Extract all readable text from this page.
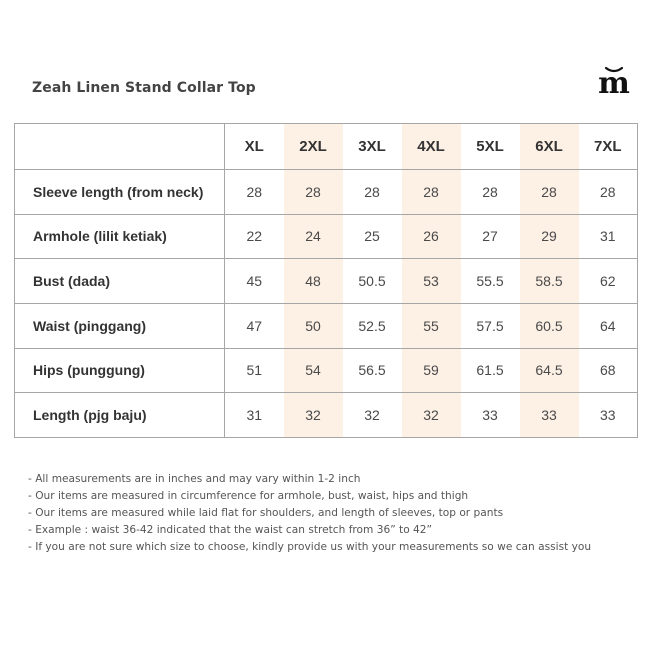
Zeah Linen Stand Collar Top	m
	XL	2XL	3XL	4XL	5XL	6XL	7XL
Sleeve length (from neck)	28	28	28	28	28	28	28
Armhole (lilit ketiak)	22	24	25	26	27	29	31
Bust (dada)	45	48	50.5	53	55.5	58.5	62
Waist (pinggang)	47	50	52.5	55	57.5	60.5	64
Hips (punggung)	51	54	56.5	59	61.5	64.5	68
Length (pjg baju)	31	32	32	32	33	33	33
- All measurements are in inches and may vary within 1-2 inch
- Our items are measured in circumference for armhole, bust, waist, hips and thigh
- Our items are measured while laid flat for shoulders, and length of sleeves, top or pants
- Example : waist 36-42 indicated that the waist can stretch from 36” to 42”
- If you are not sure which size to choose, kindly provide us with your measurements so we can assist you
